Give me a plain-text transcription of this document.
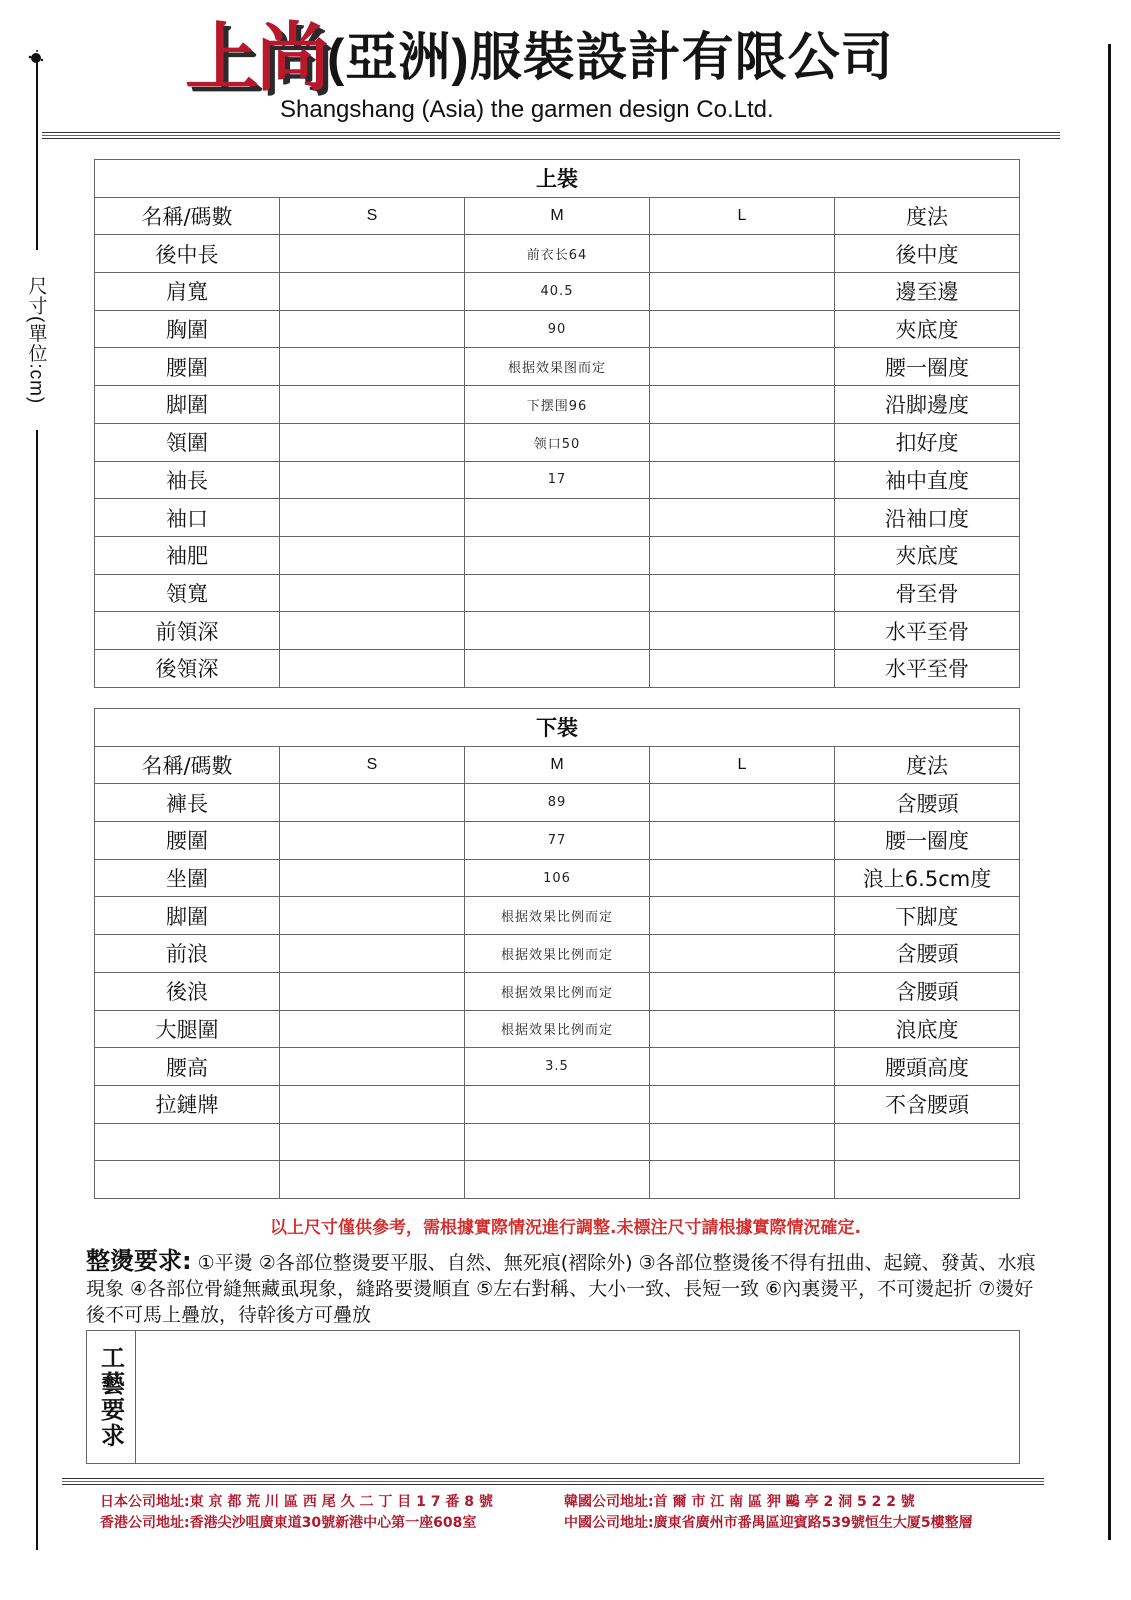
尺寸(單位:cm)
上尚(亞洲)服裝設計有限公司
Shangshang (Asia) the garmen design Co.Ltd.
上裝				
名稱/碼數	S	M	L	度法
後中長		前衣长64		後中度
肩寬		40.5		邊至邊
胸圍		90		夾底度
腰圍		根据效果图而定		腰一圈度
脚圍		下摆围96		沿脚邊度
領圍		领口50		扣好度
袖長		17		袖中直度
袖口				沿袖口度
袖肥				夾底度
領寬				骨至骨
前領深				水平至骨
後領深				水平至骨
下裝				
名稱/碼數	S	M	L	度法
褲長		89		含腰頭
腰圍		77		腰一圈度
坐圍		106		浪上6.5cm度
脚圍		根据效果比例而定		下脚度
前浪		根据效果比例而定		含腰頭
後浪		根据效果比例而定		含腰頭
大腿圍		根据效果比例而定		浪底度
腰高		3.5		腰頭高度
拉鏈牌				不含腰頭

以上尺寸僅供參考，需根據實際情況進行調整.未標注尺寸請根據實際情況確定.
整燙要求: ①平燙 ②各部位整燙要平服、自然、無死痕(褶除外) ③各部位整燙後不得有扭曲、起鏡、發黃、水痕現象 ④各部位骨縫無藏虱現象，縫路要燙順直 ⑤左右對稱、大小一致、長短一致 ⑥內裏燙平，不可燙起折 ⑦燙好後不可馬上疊放，待幹後方可疊放
工藝要求
日本公司地址:東 京 都 荒 川 區 西 尾 久 二 丁 目 1 7 番 8 號
香港公司地址:香港尖沙咀廣東道30號新港中心第一座608室
韓國公司地址:首 爾 市 江 南 區 狎 鷗 亭 2 洞 5 2 2 號
中國公司地址:廣東省廣州市番禺區迎賓路539號恒生大厦5樓整層
